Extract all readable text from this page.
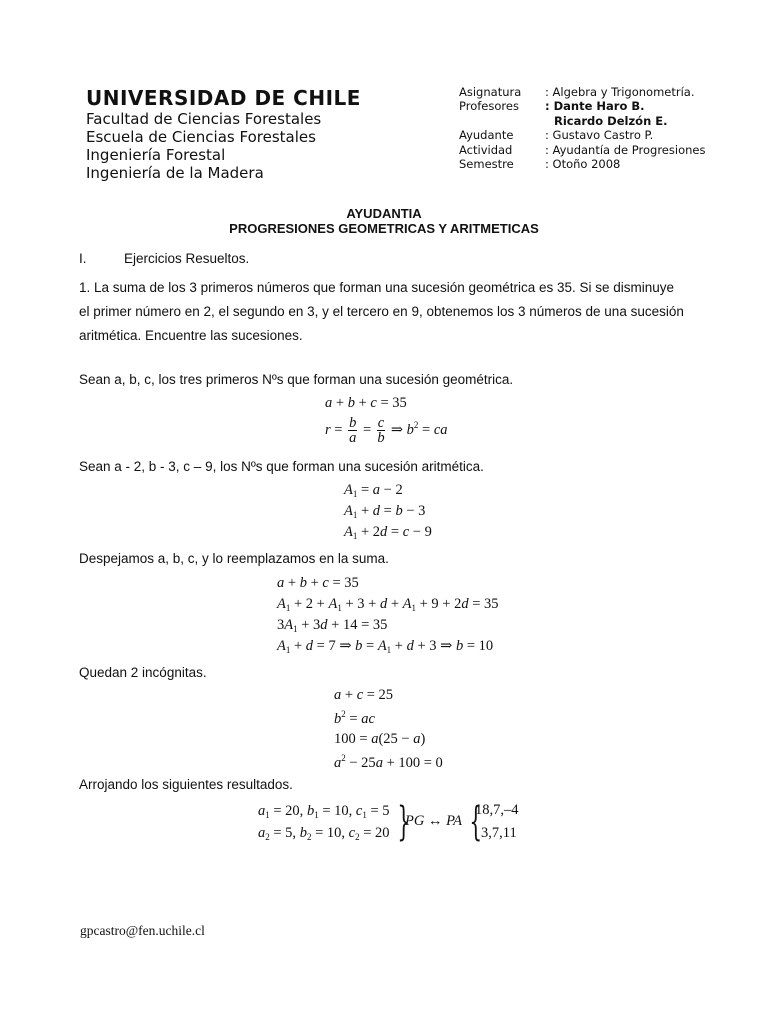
UNIVERSIDAD DE CHILE
Facultad de Ciencias Forestales
Escuela de Ciencias Forestales
Ingeniería Forestal
Ingeniería de la Madera
Asignatura : Algebra y Trigonometría.
Profesores : Dante Haro B.
Ricardo Delzón E.
Ayudante	: Gustavo Castro P.
Actividad	: Ayudantía de Progresiones
Semestre	: Otoño 2008
AYUDANTIA
PROGRESIONES GEOMETRICAS Y ARITMETICAS
I.	Ejercicios Resueltos.
1. La suma de los 3 primeros números que forman una sucesión geométrica es 35. Si se disminuye
el primer número en 2, el segundo en 3, y el tercero en 9, obtenemos los 3 números de una sucesión
aritmética. Encuentre las sucesiones.
Sean a, b, c, los tres primeros Nºs que forman una sucesión geométrica.
a + b + c = 35
$r = \frac{b}{a} = \frac{c}{b}$ ⇒ $b^2$ = ca
Sean a - 2, b - 3, c – 9, los Nºs que forman una sucesión aritmética.
$A_1 = a - 2$
$A_1 + d = b - 3$
$A_1 + 2d = c - 9$
Despejamos a, b, c, y lo reemplazamos en la suma.
a + b + c = 35
$A_1 + 2 + A_1 + 3 + d + A_1 + 9 + 2d = 35$
$3A_1 + 3d + 14 = 35$
$A_1 + d = 7$ ⇒ $b = A_1 + d + 3$ ⇒ b = 10
Quedan 2 incógnitas.
a + c = 25
$b^2$ = ac
100 = a(25 − a)
$a^2 - 25a + 100 = 0$
Arrojando los siguientes resultados.
$a_1 = 20$, $b_1 = 10$, $c_1 = 5$
$a_2 = 5$, $b_2 = 10$, $c_2 = 20$ }
PG ↔ PA {
18,7,–4
3,7,11
gpcastro@fen.uchile.cl
